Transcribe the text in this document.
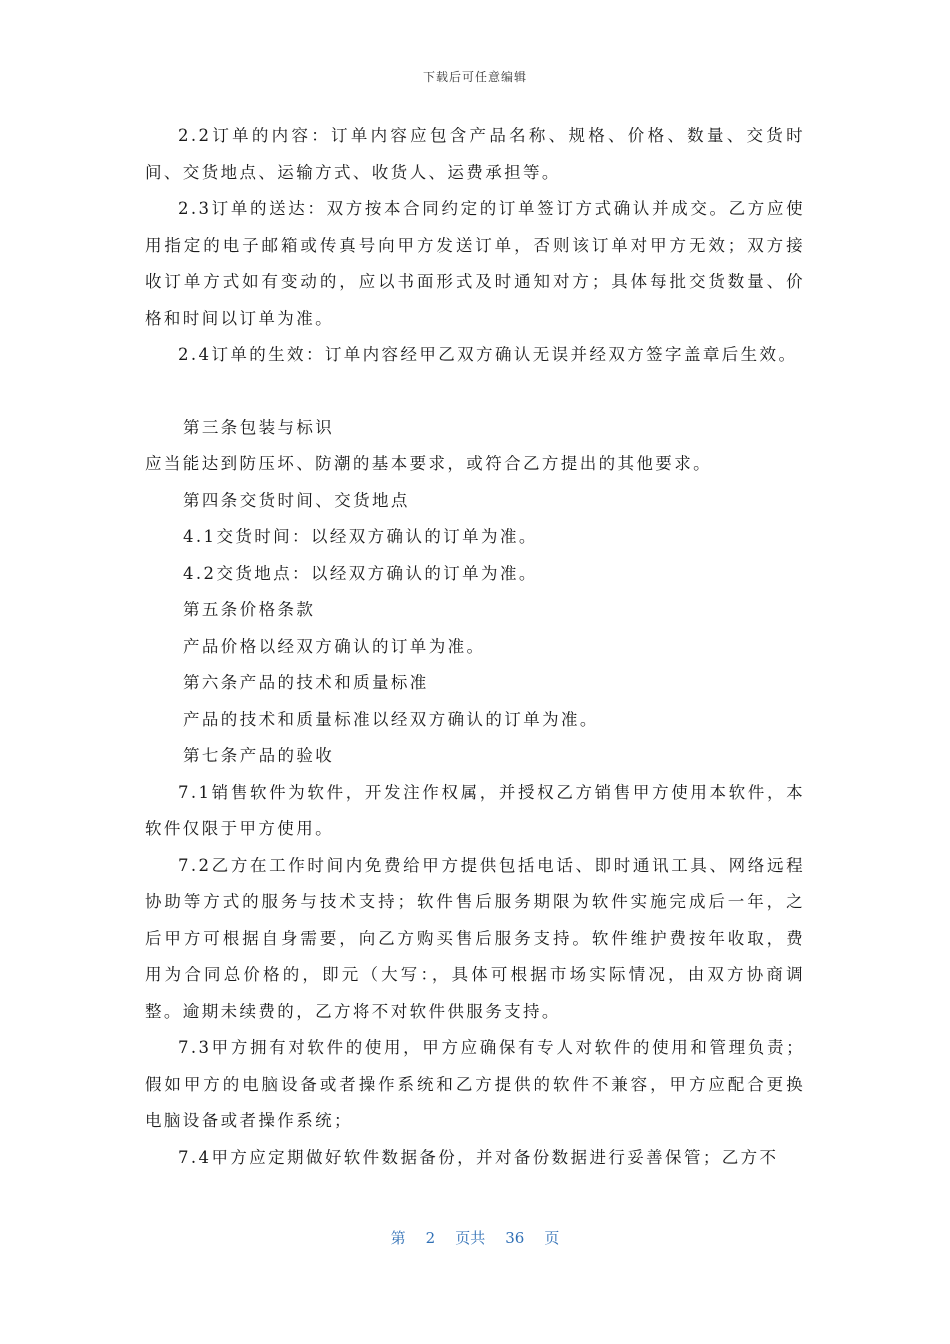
下载后可任意编辑

2.2订单的内容：订单内容应包含产品名称、规格、价格、数量、交货时间、交货地点、运输方式、收货人、运费承担等。

2.3订单的送达：双方按本合同约定的订单签订方式确认并成交。乙方应使用指定的电子邮箱或传真号向甲方发送订单，否则该订单对甲方无效；双方接收订单方式如有变动的，应以书面形式及时通知对方；具体每批交货数量、价格和时间以订单为准。

2.4订单的生效：订单内容经甲乙双方确认无误并经双方签字盖章后生效。

第三条包装与标识

应当能达到防压坏、防潮的基本要求，或符合乙方提出的其他要求。

第四条交货时间、交货地点

4.1交货时间：以经双方确认的订单为准。

4.2交货地点：以经双方确认的订单为准。

第五条价格条款

产品价格以经双方确认的订单为准。

第六条产品的技术和质量标准

产品的技术和质量标准以经双方确认的订单为准。

第七条产品的验收

7.1销售软件为软件，开发注作权属，并授权乙方销售甲方使用本软件，本软件仅限于甲方使用。

7.2乙方在工作时间内免费给甲方提供包括电话、即时通讯工具、网络远程协助等方式的服务与技术支持；软件售后服务期限为软件实施完成后一年，之后甲方可根据自身需要，向乙方购买售后服务支持。软件维护费按年收取，费用为合同总价格的，即元（大写：，具体可根据市场实际情况，由双方协商调整。逾期未续费的，乙方将不对软件供服务支持。

7.3甲方拥有对软件的使用，甲方应确保有专人对软件的使用和管理负责；假如甲方的电脑设备或者操作系统和乙方提供的软件不兼容，甲方应配合更换电脑设备或者操作系统；

7.4甲方应定期做好软件数据备份，并对备份数据进行妥善保管；乙方不

第 2 页共 36 页
